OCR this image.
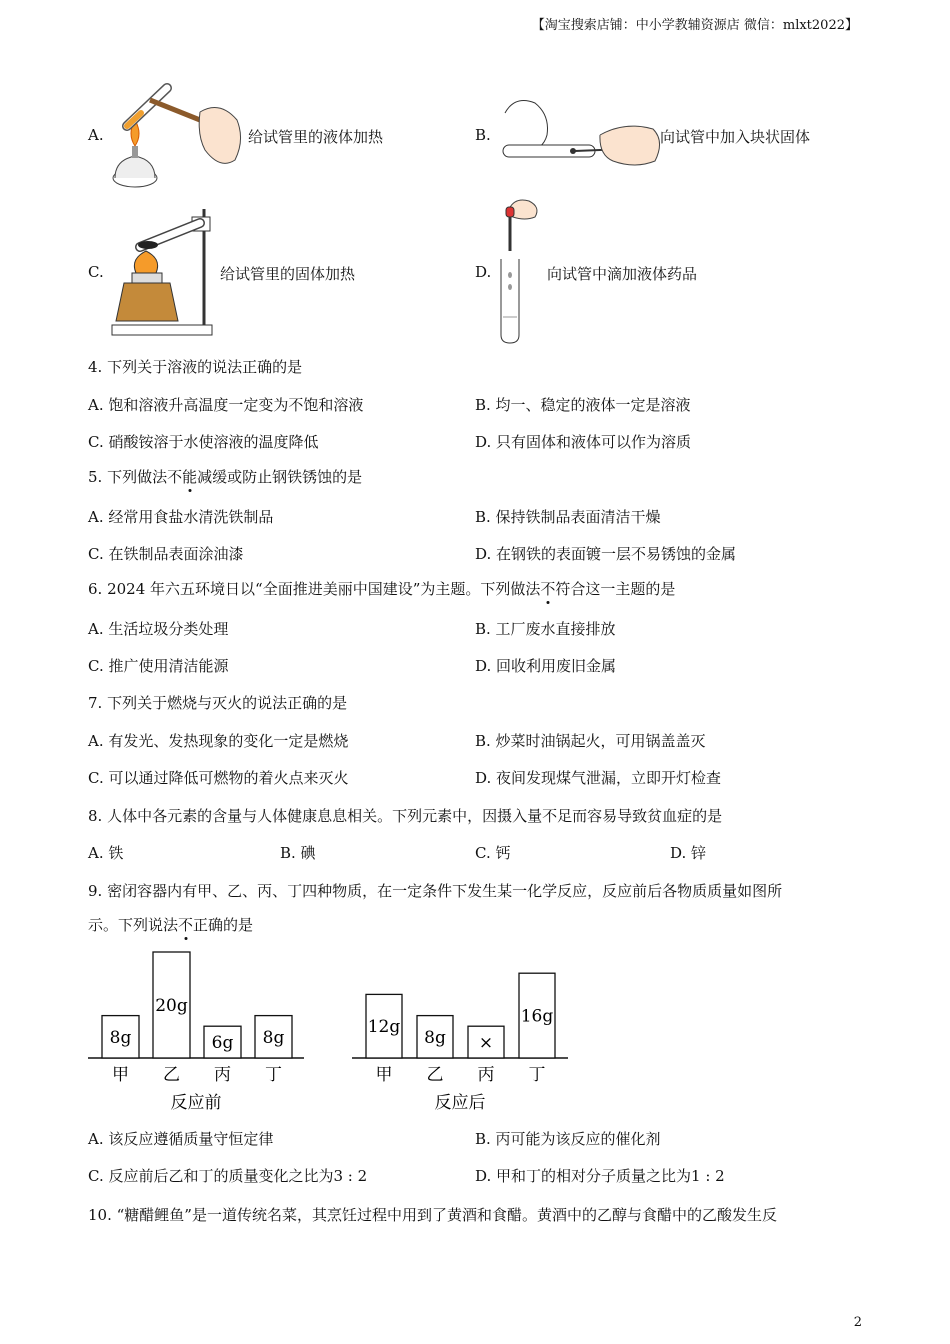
【淘宝搜索店铺：中小学教辅资源店 微信：mlxt2022】
A.	给试管里的液体加热	B.	向试管中加入块状固体
C.	给试管里的固体加热	D.	向试管中滴加液体药品
4. 下列关于溶液的说法正确的是
A. 饱和溶液升高温度一定变为不饱和溶液	B. 均一、稳定的液体一定是溶液
C. 硝酸铵溶于水使溶液的温度降低	D. 只有固体和液体可以作为溶质
5. 下列做法不能减缓或防止钢铁锈蚀的是
A. 经常用食盐水清洗铁制品	B. 保持铁制品表面清洁干燥
C. 在铁制品表面涂油漆	D. 在钢铁的表面镀一层不易锈蚀的金属
6. 2024 年六五环境日以“全面推进美丽中国建设”为主题。下列做法不符合这一主题的是
A. 生活垃圾分类处理	B. 工厂废水直接排放
C. 推广使用清洁能源	D. 回收利用废旧金属
7. 下列关于燃烧与灭火的说法正确的是
A. 有发光、发热现象的变化一定是燃烧	B. 炒菜时油锅起火，可用锅盖盖灭
C. 可以通过降低可燃物的着火点来灭火	D. 夜间发现煤气泄漏，立即开灯检查
8. 人体中各元素的含量与人体健康息息相关。下列元素中，因摄入量不足而容易导致贫血症的是
A. 铁	B. 碘	C. 钙	D. 锌
9. 密闭容器内有甲、乙、丙、丁四种物质，在一定条件下发生某一化学反应，反应前后各物质质量如图所
示。下列说法不正确的是
8g
甲
20g
乙
6g
丙
8g
丁
反应前
12g
甲
8g
乙
×
丙
16g
丁
反应后
A. 该反应遵循质量守恒定律	B. 丙可能为该反应的催化剂
C. 反应前后乙和丁的质量变化之比为3 : 2	D. 甲和丁的相对分子质量之比为1 : 2
10. “糖醋鲤鱼”是一道传统名菜，其烹饪过程中用到了黄酒和食醋。黄酒中的乙醇与食醋中的乙酸发生反
2
